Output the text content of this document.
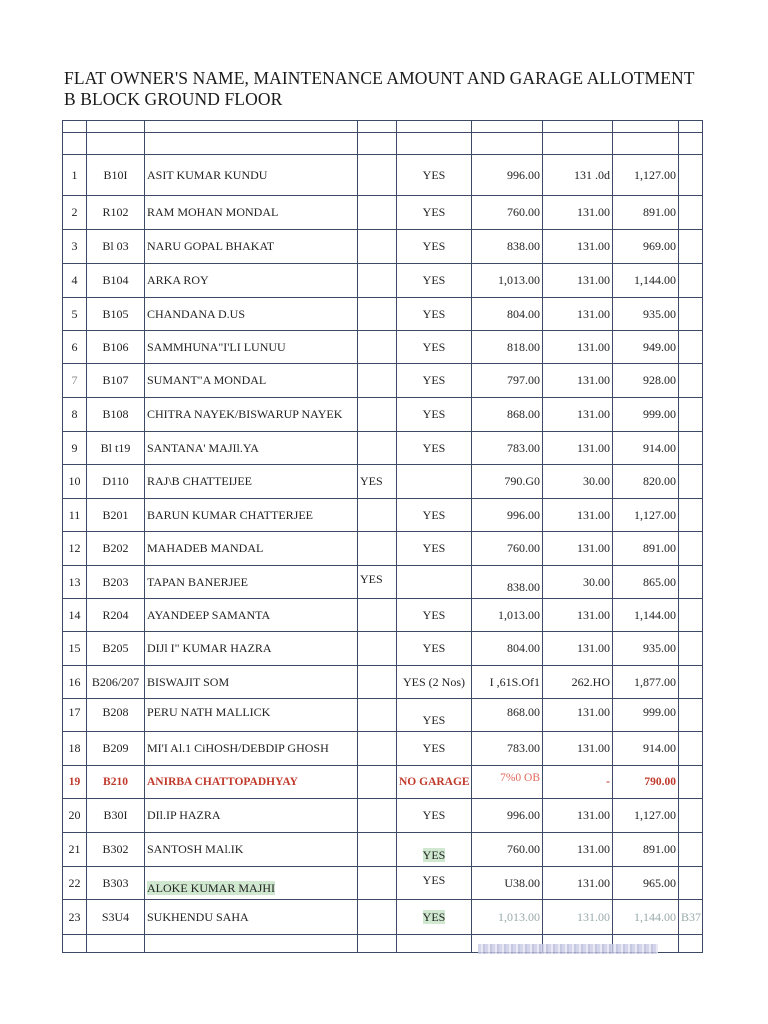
FLAT OWNER'S NAME, MAINTENANCE AMOUNT AND GARAGE ALLOTMENT
B BLOCK GROUND FLOOR

1	B10I	ASIT KUMAR KUNDU		YES	996.00	131 .0d	1,127.00	
2	R102	RAM MOHAN MONDAL		YES	760.00	131.00	891.00	
3	Bl 03	NARU GOPAL BHAKAT		YES	838.00	131.00	969.00	
4	B104	ARKA ROY		YES	1,013.00	131.00	1,144.00	
5	B105	CHANDANA D.US		YES	804.00	131.00	935.00	
6	B106	SAMMHUNA"I'LI LUNUU		YES	818.00	131.00	949.00	
7	B107	SUMANT"A MONDAL		YES	797.00	131.00	928.00	
8	B108	CHITRA NAYEK/BISWARUP NAYEK		YES	868.00	131.00	999.00	
9	Bl t19	SANTANA' MAJIl.YA		YES	783.00	131.00	914.00	
10	D110	RAJ\B CHATTEIJEE	YES		790.G0	30.00	820.00	
11	B201	BARUN KUMAR CHATTERJEE		YES	996.00	131.00	1,127.00	
12	B202	MAHADEB MANDAL		YES	760.00	131.00	891.00	
13	B203	TAPAN BANERJEE	YES		838.00	30.00	865.00	
14	R204	AYANDEEP SAMANTA		YES	1,013.00	131.00	1,144.00	
15	B205	DIJl I" KUMAR HAZRA		YES	804.00	131.00	935.00	
16	B206/207	BISWAJIT SOM		YES (2 Nos)	I ,61S.Of1	262.HO	1,877.00	
17	B208	PERU NATH MALLICK		YES	868.00	131.00	999.00	
18	B209	MI'I Al.1 CiHOSH/DEBDIP GHOSH		YES	783.00	131.00	914.00	
19	B210	ANIRBA CHATTOPADHYAY		NO GARAGE	7%0 OB	-	790.00	
20	B30I	DIl.IP HAZRA		YES	996.00	131.00	1,127.00	
21	B302	SANTOSH MAl.IK		YES	760.00	131.00	891.00	
22	B303	ALOKE KUMAR MAJHI		YES	U38.00	131.00	965.00	
23	S3U4	SUKHENDU SAHA		YES	1,013.00	131.00	1,144.00	B37
